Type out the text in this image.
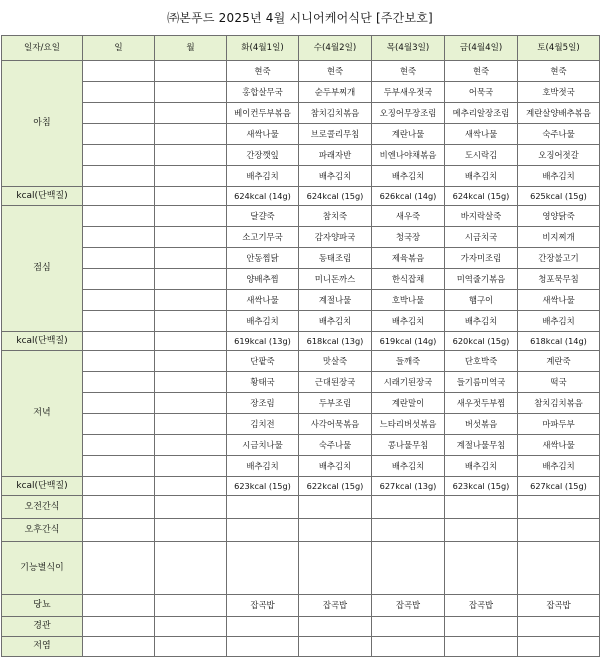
㈜본푸드 2025년 4월 시니어케어식단 [주간보호]
일자/요일	일	월	화(4월1일)	수(4월2일)	목(4월3일)	금(4월4일)	토(4월5일)
아침			현죽	현죽	현죽	현죽	현죽
			홍합살무국	순두부찌개	두부새우젓국	어묵국	호박젓국
			베이컨두부볶음	참치김치볶음	오징어무장조림	메추리알장조림	계란살양배추볶음
			새싹나물	브로콜리무침	계란나물	새싹나물	숙주나물
			간장깻잎	파래자반	비엔나야채볶음	도시락김	오징어젓갈
			배추김치	배추김치	배추김치	배추김치	배추김치
kcal(단백질)			624kcal (14g)	624kcal (15g)	626kcal (14g)	624kcal (15g)	625kcal (15g)
점심			달걀죽	참치죽	새우죽	바지락살죽	영양닭죽
			소고기무국	감자양파국	청국장	시금치국	비지찌개
			안동찜닭	동태조림	제육볶음	가자미조림	간장불고기
			양배추찜	미니돈까스	한식잡채	미역줄기볶음	청포묵무침
			새싹나물	계절나물	호박나물	햄구이	새싹나물
			배추김치	배추김치	배추김치	배추김치	배추김치
kcal(단백질)			619kcal (13g)	618kcal (13g)	619kcal (14g)	620kcal (15g)	618kcal (14g)
저녁			단팥죽	맛살죽	들깨죽	단호박죽	계란죽
			황태국	근대된장국	시래기된장국	들기름미역국	떡국
			장조림	두부조림	계란말이	새우젓두부찜	참치김치볶음
			김치전	사각어묵볶음	느타리버섯볶음	버섯볶음	마파두부
			시금치나물	숙주나물	콩나물무침	계절나물무침	새싹나물
			배추김치	배추김치	배추김치	배추김치	배추김치
kcal(단백질)			623kcal (15g)	622kcal (15g)	627kcal (13g)	623kcal (15g)	627kcal (15g)
오전간식							
오후간식							
기능별식이							
당뇨			잡곡밥	잡곡밥	잡곡밥	잡곡밥	잡곡밥
경관							
저염							
